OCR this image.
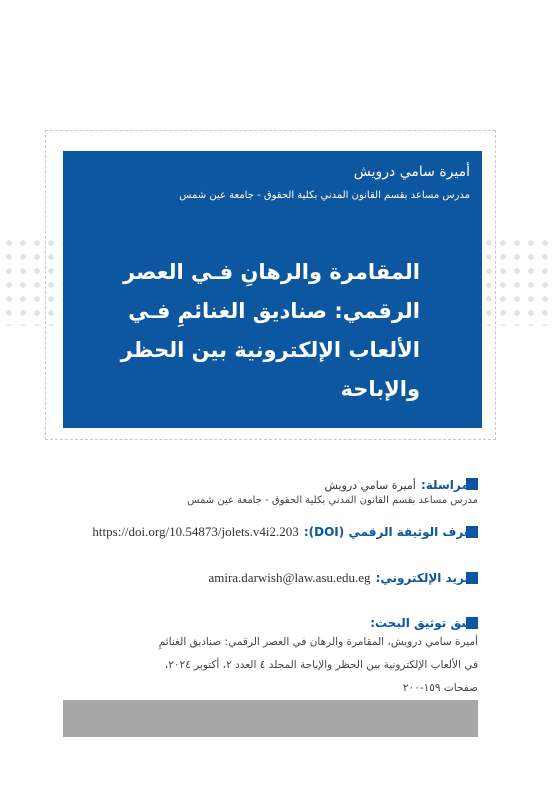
أميرة سامي درويش

مدرس مساعد بقسم القانون المدني بكلية الحقوق - جامعة عين شمس

المقامرة والرهانِ فـي العصر الرقمي: صناديق الغنائمِ فـي الألعاب الإلكترونية بين الحظر والإباحة
المراسلة: أميرة سامي درويش
مدرس مساعد بقسم القانون المدني بكلية الحقوق - جامعة عين شمس
معرف الوثيقة الرقمي (DOI): https://doi.org/10.54873/jolets.v4i2.203
البريد الإلكتروني: amira.darwish@law.asu.edu.eg
نسق توثيق البحث:
أميرة سامي درويش، المقامرة والرهان في العصر الرقمي: صناديق الغنائمِ
في الألعاب الإلكترونية بين الحظر والإباحة المجلد ٤ العدد ٢، أكتوبر ٢٠٢٤،
صفحات ١٥٩-٢٠٠
